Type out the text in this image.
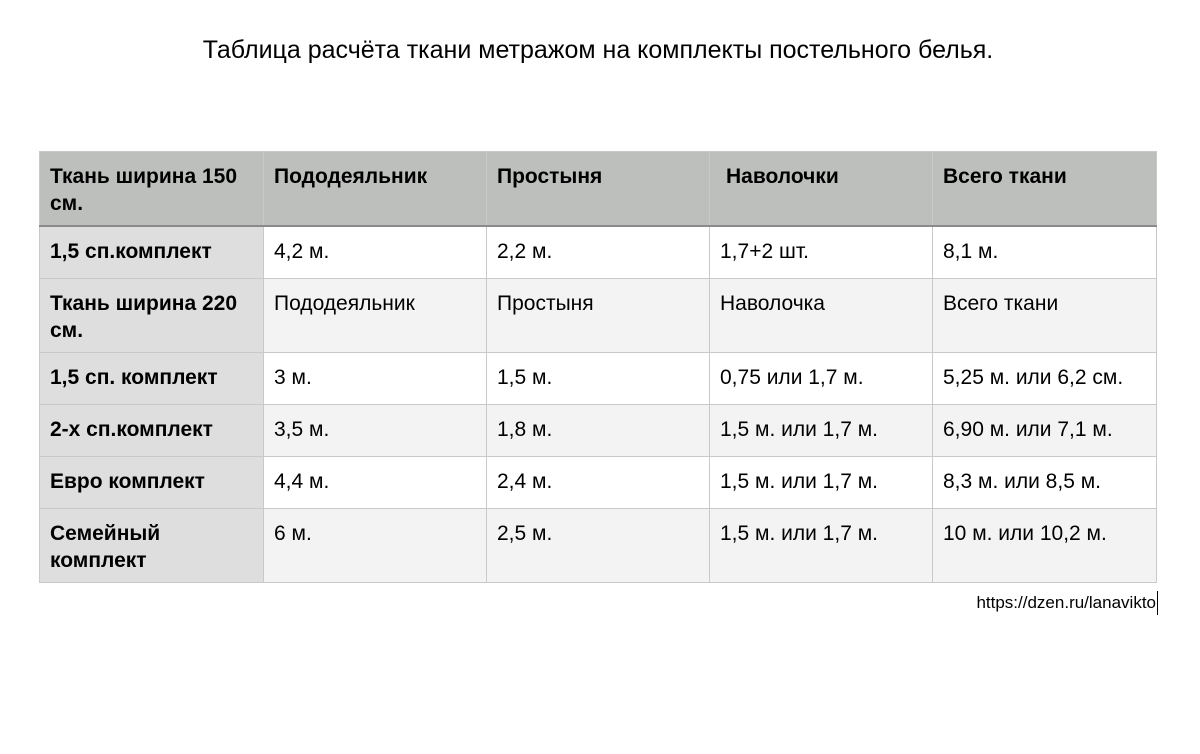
Таблица расчёта ткани метражом на комплекты постельного белья.
Ткань ширина 150 см.	Пододеяльник	Простыня	Наволочки	Всего ткани
1,5 сп.комплект	4,2 м.	2,2 м.	1,7+2 шт.	8,1 м.
Ткань ширина 220 см.	Пододеяльник	Простыня	Наволочка	Всего ткани
1,5 сп. комплект	3 м.	1,5 м.	0,75 или 1,7 м.	5,25 м. или 6,2 см.
2-х сп.комплект	3,5 м.	1,8 м.	1,5 м. или 1,7 м.	6,90 м. или 7,1 м.
Евро комплект	4,4 м.	2,4 м.	1,5 м. или 1,7 м.	8,3 м. или 8,5 м.
Семейный комплект	6 м.	2,5 м.	1,5 м. или 1,7 м.	10 м. или 10,2 м.
https://dzen.ru/lanavikto
